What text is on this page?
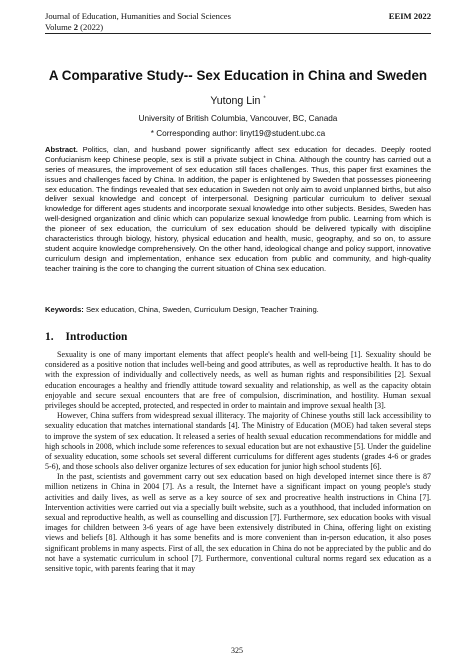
Journal of Education, Humanities and Social Sciences	EEIM 2022
Volume 2 (2022)
A Comparative Study-- Sex Education in China and Sweden
Yutong Lin *
University of British Columbia, Vancouver, BC, Canada
* Corresponding author: linyt19@student.ubc.ca

Abstract. Politics, clan, and husband power significantly affect sex education for decades. Deeply rooted Confucianism keep Chinese people, sex is still a private subject in China. Although the country has carried out a series of measures, the improvement of sex education still faces challenges. Thus, this paper first examines the issues and challenges faced by China. In addition, the paper is enlightened by Sweden that possesses pioneering sex education. The findings revealed that sex education in Sweden not only aim to avoid unplanned births, but also deliver sexual knowledge and concept of interpersonal. Designing particular curriculum to deliver sexual knowledge for different ages students and incorporate sexual knowledge into other subjects. Besides, Sweden has well-designed organization and clinic which can popularize sexual knowledge from public. Learning from which is the pioneer of sex education, the curriculum of sex education should be delivered typically with discipline characteristics through biology, history, physical education and health, music, geography, and so on, to assure student acquire knowledge comprehensively. On the other hand, ideological change and policy support, innovative curriculum design and implementation, enhance sex education from public and community, and high-quality teacher training is the core to changing the current situation of China sex education.

Keywords: Sex education, China, Sweden, Curriculum Design, Teacher Training.

1. Introduction

Sexuality is one of many important elements that affect people's health and well-being [1]. Sexuality should be considered as a positive notion that includes well-being and good attributes, as well as reproductive health. It has to do with the expression of individually and collectively needs, as well as human rights and responsibilities [2]. Sexual education encourages a healthy and friendly attitude toward sexuality and relationship, as well as the capacity obtain enjoyable and secure sexual encounters that are free of compulsion, discrimination, and hostility. Human sexual privileges should be accepted, protected, and respected in order to maintain and improve sexual health [3].

However, China suffers from widespread sexual illiteracy. The majority of Chinese youths still lack accessibility to sexuality education that matches international standards [4]. The Ministry of Education (MOE) had taken several steps to improve the system of sex education. It released a series of health sexual education recommendations for middle and high schools in 2008, which include some references to sexual education but are not exhaustive [5]. Under the guideline of sexuality education, some schools set several different curriculums for different ages students (grades 4-6 or grades 5-6), and those schools also deliver organize lectures of sex education for junior high school students [6].

In the past, scientists and government carry out sex education based on high developed internet since there is 87 million netizens in China in 2004 [7]. As a result, the Internet have a significant impact on young people's study activities and daily lives, as well as serve as a key source of sex and procreative health instructions in China [7]. Intervention activities were carried out via a specially built website, such as a youthhood, that included information on sexual and reproductive health, as well as counselling and discussion [7]. Furthermore, sex education books with visual images for children between 3-6 years of age have been extensively distributed in China, offering light on existing views and beliefs [8]. Although it has some benefits and is more convenient than in-person education, it also poses significant problems in many aspects. First of all, the sex education in China do not be appreciated by the public and do not have a systematic curriculum in school [7]. Furthermore, conventional cultural norms regard sex education as a sensitive topic, with parents fearing that it may

325
